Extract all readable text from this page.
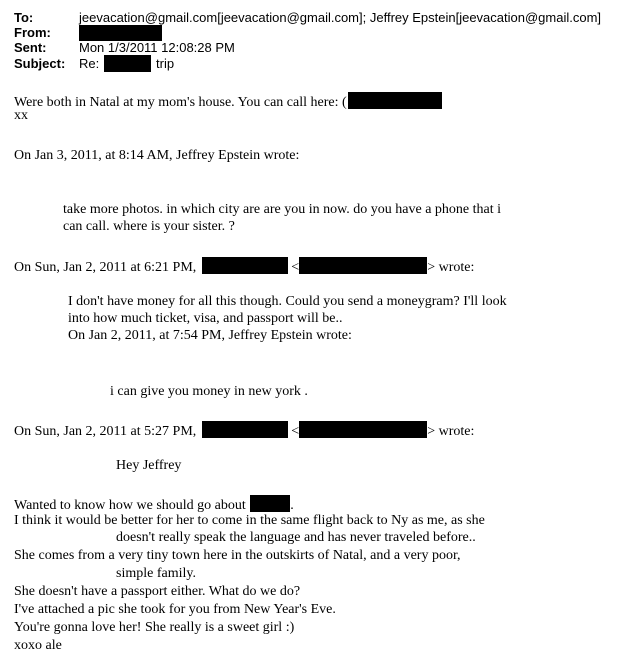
To:	jeevacation@gmail.com[jeevacation@gmail.com]; Jeffrey Epstein[jeevacation@gmail.com]
From:
Sent:	Mon 1/3/2011 12:08:28 PM
Subject: Re:	trip
Were both in Natal at my mom's house. You can call here: (
xx
On Jan 3, 2011, at 8:14 AM, Jeffrey Epstein wrote:
take more photos. in which city are are you in now. do you have a phone that i
can call. where is your sister. ?
On Sun, Jan 2, 2011 at 6:21 PM,	<	> wrote:
I don't have money for all this though. Could you send a moneygram? I'll look
into how much ticket, visa, and passport will be..
On Jan 2, 2011, at 7:54 PM, Jeffrey Epstein wrote:
i can give you money in new york .
On Sun, Jan 2, 2011 at 5:27 PM,	<	> wrote:
Hey Jeffrey
Wanted to know how we should go about	.
I think it would be better for her to come in the same flight back to Ny as me, as she
doesn't really speak the language and has never traveled before..
She comes from a very tiny town here in the outskirts of Natal, and a very poor,
simple family.
She doesn't have a passport either. What do we do?
I've attached a pic she took for you from New Year's Eve.
You're gonna love her! She really is a sweet girl :)
xoxo ale
